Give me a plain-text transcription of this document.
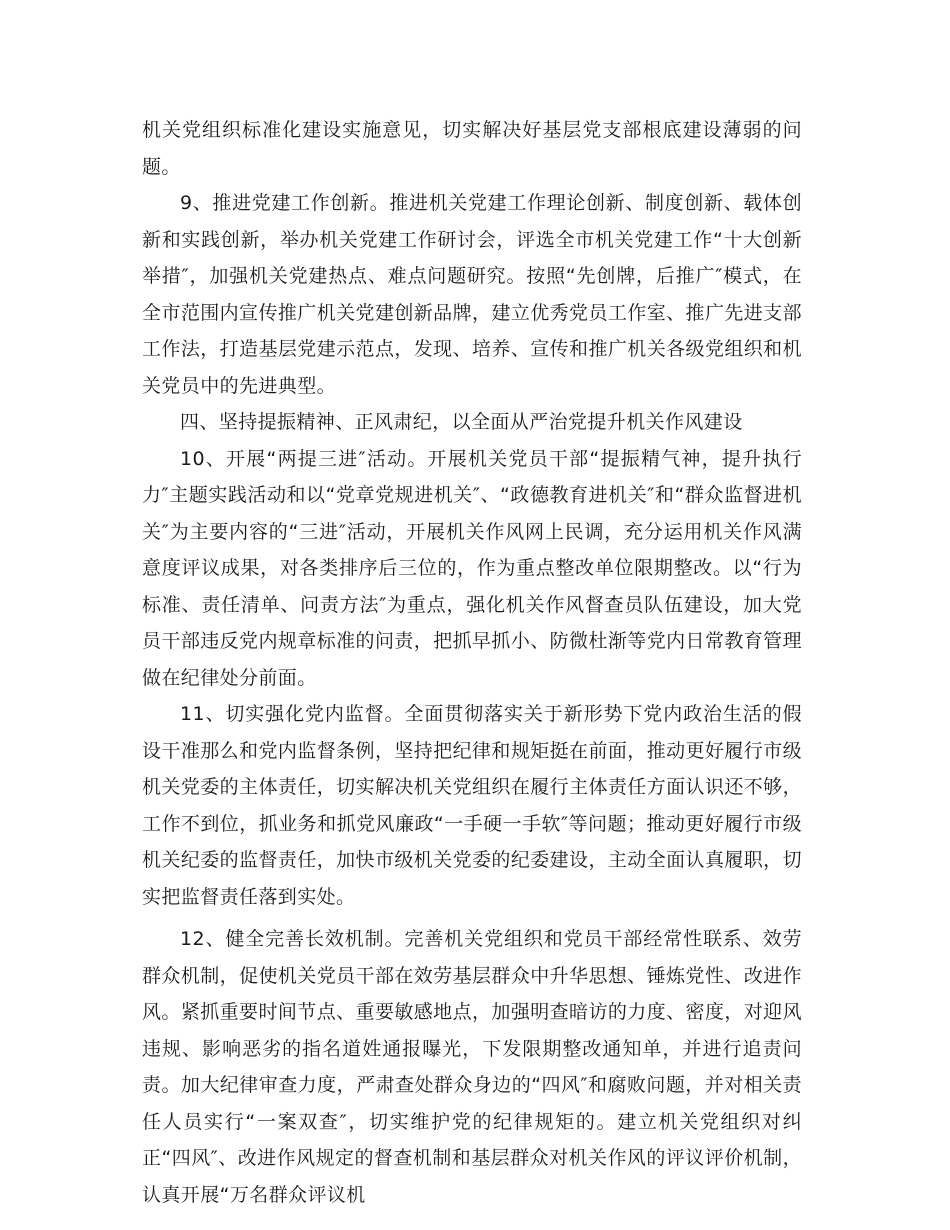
机关党组织标准化建设实施意见，切实解决好基层党支部根底建设薄弱的问题。

9、推进党建工作创新。推进机关党建工作理论创新、制度创新、载体创新和实践创新，举办机关党建工作研讨会，评选全市机关党建工作“十大创新举措″，加强机关党建热点、难点问题研究。按照“先创牌，后推广″模式，在全市范围内宣传推广机关党建创新品牌，建立优秀党员工作室、推广先进支部工作法，打造基层党建示范点，发现、培养、宣传和推广机关各级党组织和机关党员中的先进典型。

四、坚持提振精神、正风肃纪，以全面从严治党提升机关作风建设

10、开展“两提三进″活动。开展机关党员干部“提振精气神，提升执行力″主题实践活动和以“党章党规进机关″、“政德教育进机关″和“群众监督进机关″为主要内容的“三进″活动，开展机关作风网上民调，充分运用机关作风满意度评议成果，对各类排序后三位的，作为重点整改单位限期整改。以“行为标准、责任清单、问责方法″为重点，强化机关作风督查员队伍建设，加大党员干部违反党内规章标准的问责，把抓早抓小、防微杜渐等党内日常教育管理做在纪律处分前面。

11、切实强化党内监督。全面贯彻落实关于新形势下党内政治生活的假设干准那么和党内监督条例，坚持把纪律和规矩挺在前面，推动更好履行市级机关党委的主体责任，切实解决机关党组织在履行主体责任方面认识还不够，工作不到位，抓业务和抓党风廉政“一手硬一手软″等问题；推动更好履行市级机关纪委的监督责任，加快市级机关党委的纪委建设，主动全面认真履职，切实把监督责任落到实处。

12、健全完善长效机制。完善机关党组织和党员干部经常性联系、效劳群众机制，促使机关党员干部在效劳基层群众中升华思想、锤炼党性、改进作风。紧抓重要时间节点、重要敏感地点，加强明查暗访的力度、密度，对迎风违规、影响恶劣的指名道姓通报曝光，下发限期整改通知单，并进行追责问责。加大纪律审查力度，严肃查处群众身边的“四风″和腐败问题，并对相关责任人员实行“一案双查″，切实维护党的纪律规矩的。建立机关党组织对纠正“四风″、改进作风规定的督查机制和基层群众对机关作风的评议评价机制，认真开展“万名群众评议机
